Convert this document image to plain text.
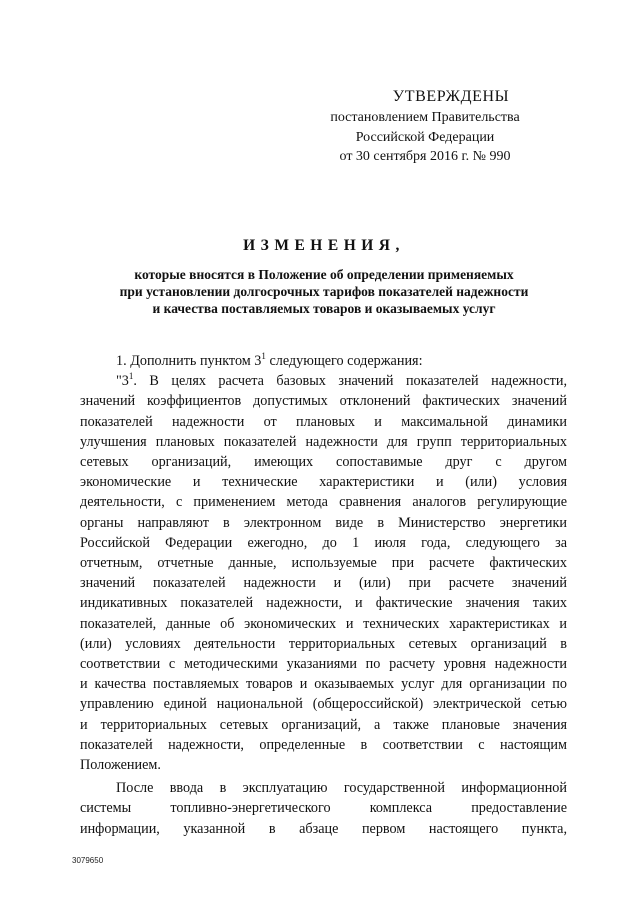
УТВЕРЖДЕНЫ
постановлением Правительства
Российской Федерации
от 30 сентября 2016 г. № 990
ИЗМЕНЕНИЯ,
которые вносятся в Положение об определении применяемых
при установлении долгосрочных тарифов показателей надежности
и качества поставляемых товаров и оказываемых услуг

1. Дополнить пунктом $3^1$ следующего содержания:

"$3^1$. В целях расчета базовых значений показателей надежности,

значений коэффициентов допустимых отклонений фактических значений

показателей надежности от плановых и максимальной динамики

улучшения плановых показателей надежности для групп территориальных

сетевых организаций, имеющих сопоставимые друг с другом

экономические и технические характеристики и (или) условия

деятельности, с применением метода сравнения аналогов регулирующие

органы направляют в электронном виде в Министерство энергетики

Российской Федерации ежегодно, до 1 июля года, следующего за

отчетным, отчетные данные, используемые при расчете фактических

значений показателей надежности и (или) при расчете значений

индикативных показателей надежности, и фактические значения таких

показателей, данные об экономических и технических характеристиках и

(или) условиях деятельности территориальных сетевых организаций в

соответствии с методическими указаниями по расчету уровня надежности

и качества поставляемых товаров и оказываемых услуг для организации по

управлению единой национальной (общероссийской) электрической сетью

и территориальных сетевых организаций, а также плановые значения

показателей надежности, определенные в соответствии с настоящим

Положением.

После ввода в эксплуатацию государственной информационной

системы топливно-энергетического комплекса предоставление

информации, указанной в абзаце первом настоящего пункта,

3079650
